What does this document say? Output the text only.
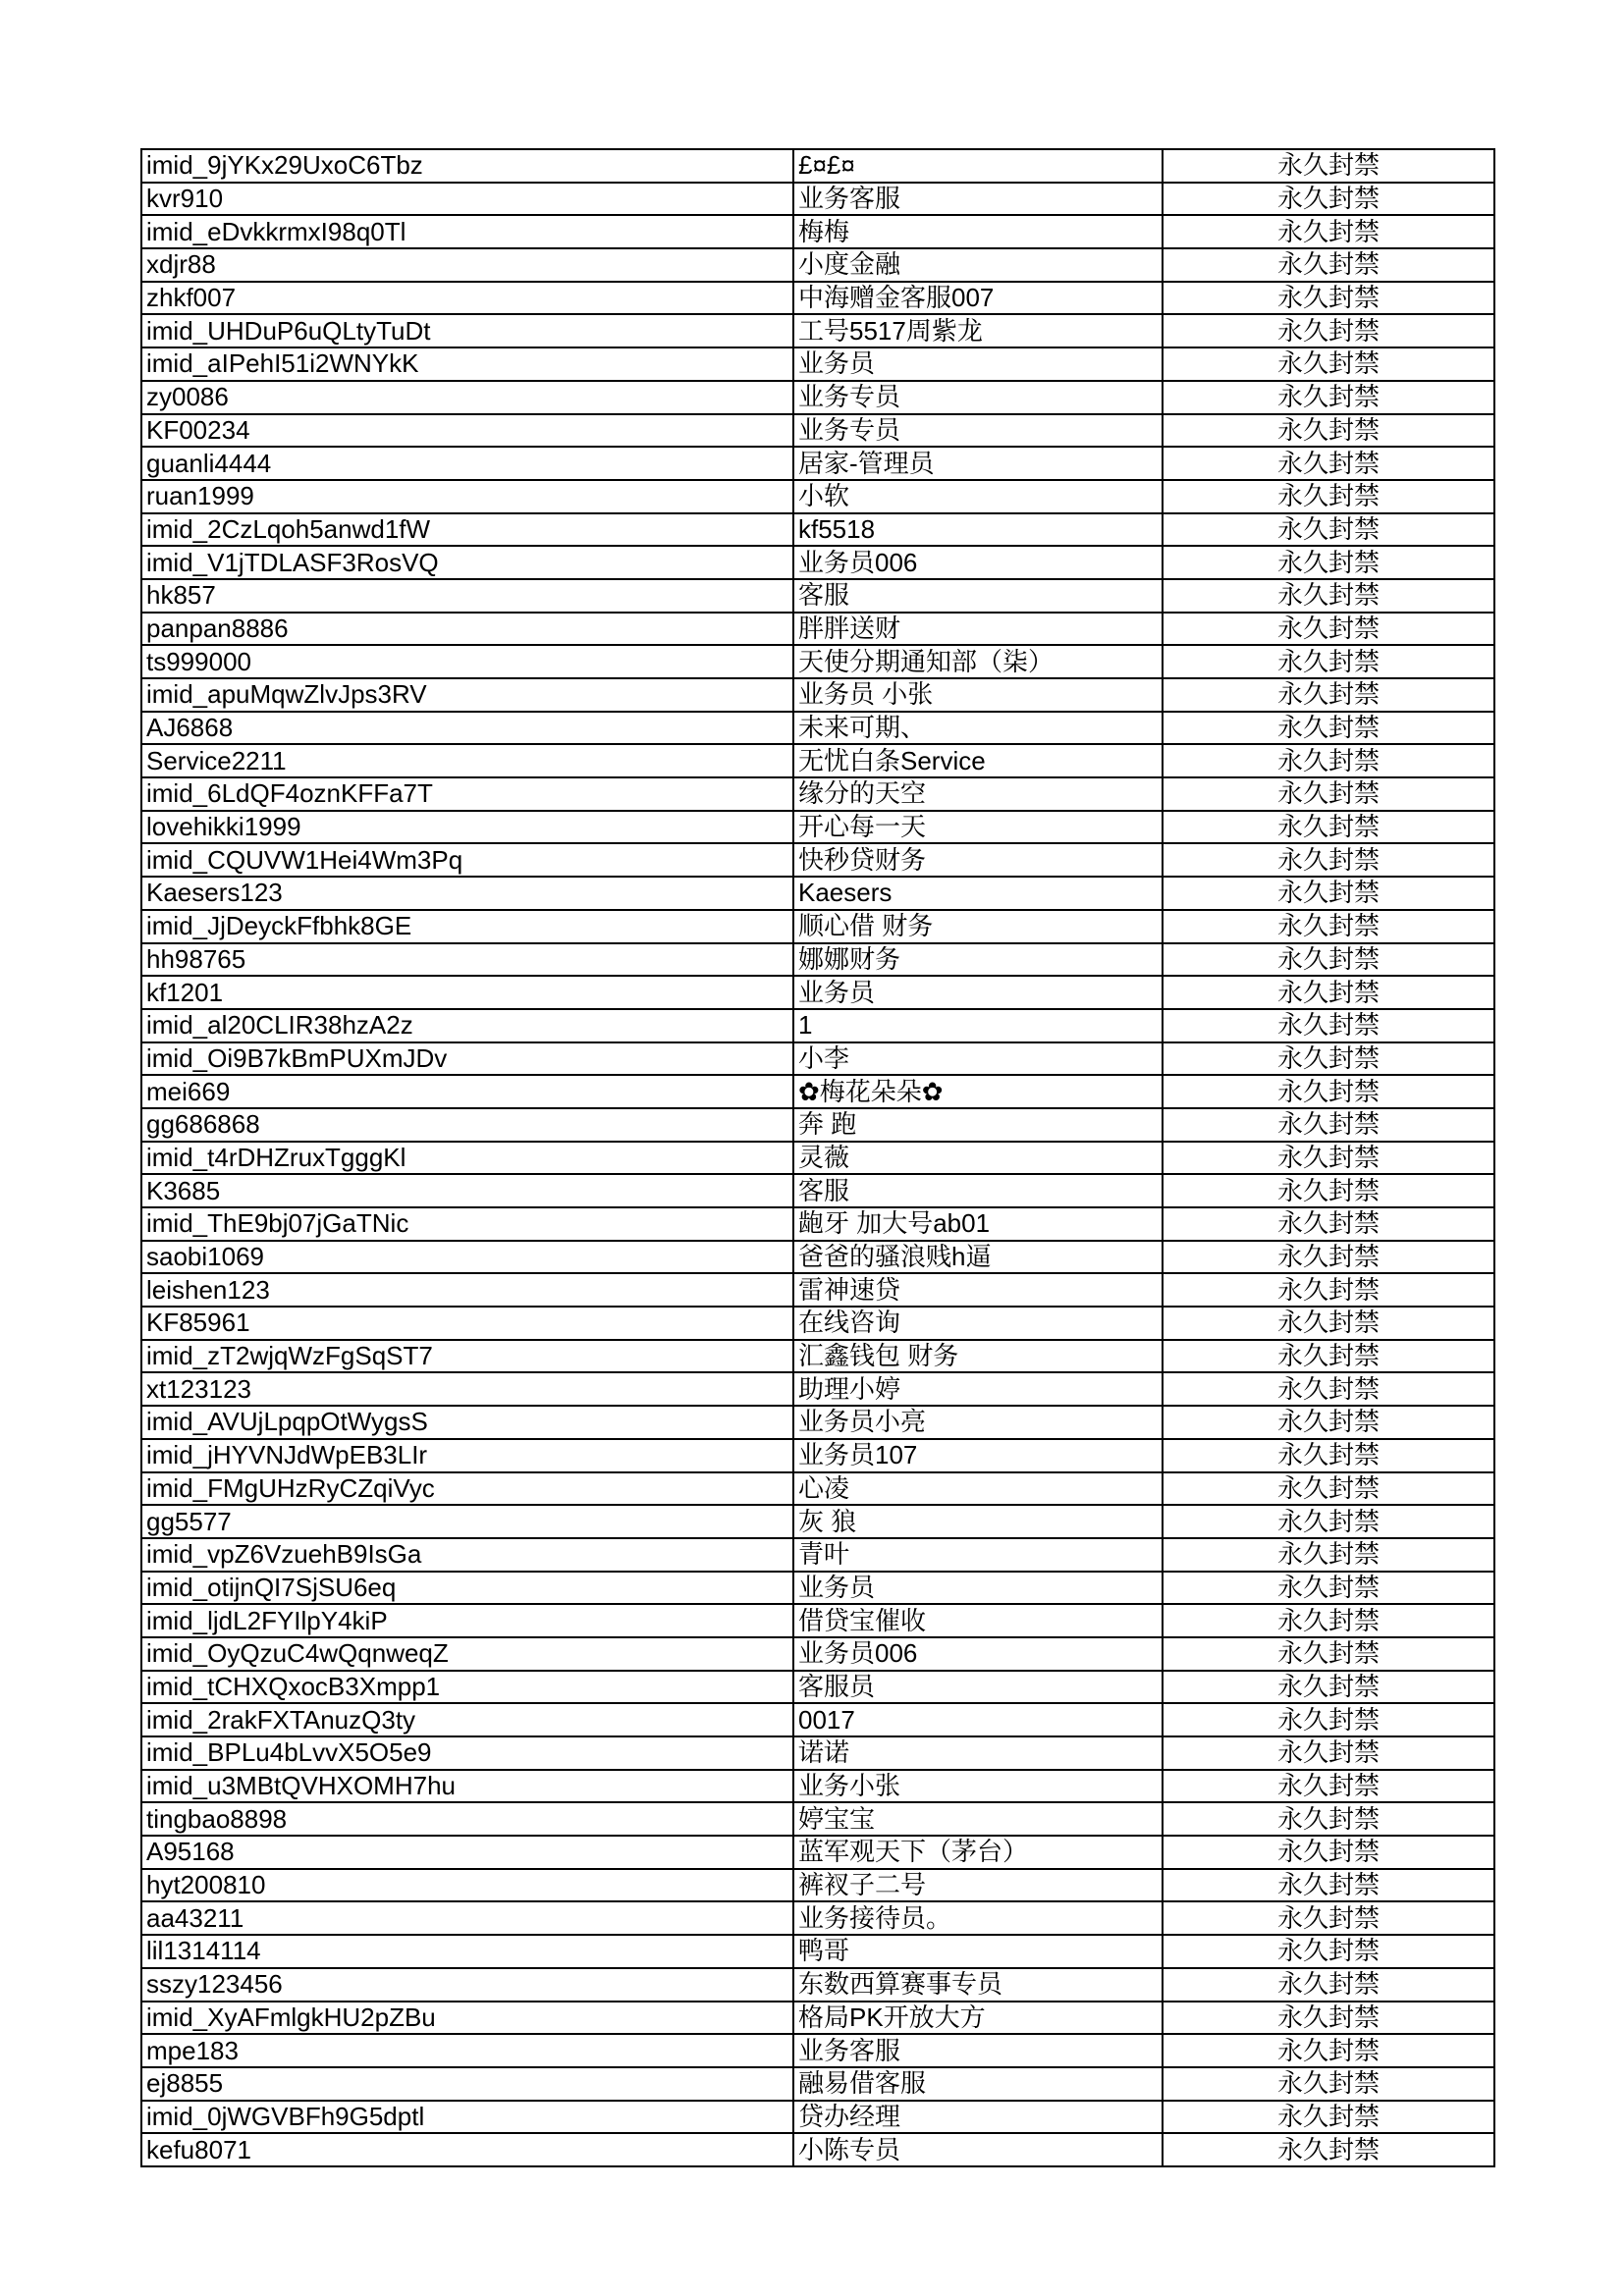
imid_9jYKx29UxoC6Tbz	£¤£¤	永久封禁
kvr910	业务客服	永久封禁
imid_eDvkkrmxI98q0Tl	梅梅	永久封禁
xdjr88	小度金融	永久封禁
zhkf007	中海赠金客服007	永久封禁
imid_UHDuP6uQLtyTuDt	工号5517周紫龙	永久封禁
imid_aIPehI51i2WNYkK	业务员	永久封禁
zy0086	业务专员	永久封禁
KF00234	业务专员	永久封禁
guanli4444	居家-管理员	永久封禁
ruan1999	小软	永久封禁
imid_2CzLqoh5anwd1fW	kf5518	永久封禁
imid_V1jTDLASF3RosVQ	业务员006	永久封禁
hk857	客服	永久封禁
panpan8886	胖胖送财	永久封禁
ts999000	天使分期通知部（柒）	永久封禁
imid_apuMqwZlvJps3RV	业务员 小张	永久封禁
AJ6868	未来可期、	永久封禁
Service2211	无忧白条Service	永久封禁
imid_6LdQF4oznKFFa7T	缘分的天空	永久封禁
lovehikki1999	开心每一天	永久封禁
imid_CQUVW1Hei4Wm3Pq	快秒贷财务	永久封禁
Kaesers123	Kaesers	永久封禁
imid_JjDeyckFfbhk8GE	顺心借 财务	永久封禁
hh98765	娜娜财务	永久封禁
kf1201	业务员	永久封禁
imid_al20CLIR38hzA2z	1	永久封禁
imid_Oi9B7kBmPUXmJDv	小李	永久封禁
mei669	✿梅花朵朵✿	永久封禁
gg686868	奔 跑	永久封禁
imid_t4rDHZruxTgggKl	灵薇	永久封禁
K3685	客服	永久封禁
imid_ThE9bj07jGaTNic	龅牙 加大号ab01	永久封禁
saobi1069	爸爸的骚浪贱h逼	永久封禁
leishen123	雷神速贷	永久封禁
KF85961	在线咨询	永久封禁
imid_zT2wjqWzFgSqST7	汇鑫钱包 财务	永久封禁
xt123123	助理小婷	永久封禁
imid_AVUjLpqpOtWygsS	业务员小亮	永久封禁
imid_jHYVNJdWpEB3LIr	业务员107	永久封禁
imid_FMgUHzRyCZqiVyc	心凌	永久封禁
gg5577	灰 狼	永久封禁
imid_vpZ6VzuehB9IsGa	青叶	永久封禁
imid_otijnQI7SjSU6eq	业务员	永久封禁
imid_ljdL2FYIlpY4kiP	借贷宝催收	永久封禁
imid_OyQzuC4wQqnweqZ	业务员006	永久封禁
imid_tCHXQxocB3Xmpp1	客服员	永久封禁
imid_2rakFXTAnuzQ3ty	0017	永久封禁
imid_BPLu4bLvvX5O5e9	诺诺	永久封禁
imid_u3MBtQVHXOMH7hu	业务小张	永久封禁
tingbao8898	婷宝宝	永久封禁
A95168	蓝军观天下（茅台）	永久封禁
hyt200810	裤衩子二号	永久封禁
aa43211	业务接待员。	永久封禁
lil1314114	鸭哥	永久封禁
sszy123456	东数西算赛事专员	永久封禁
imid_XyAFmlgkHU2pZBu	格局PK开放大方	永久封禁
mpe183	业务客服	永久封禁
ej8855	融易借客服	永久封禁
imid_0jWGVBFh9G5dptl	贷办经理	永久封禁
kefu8071	小陈专员	永久封禁
